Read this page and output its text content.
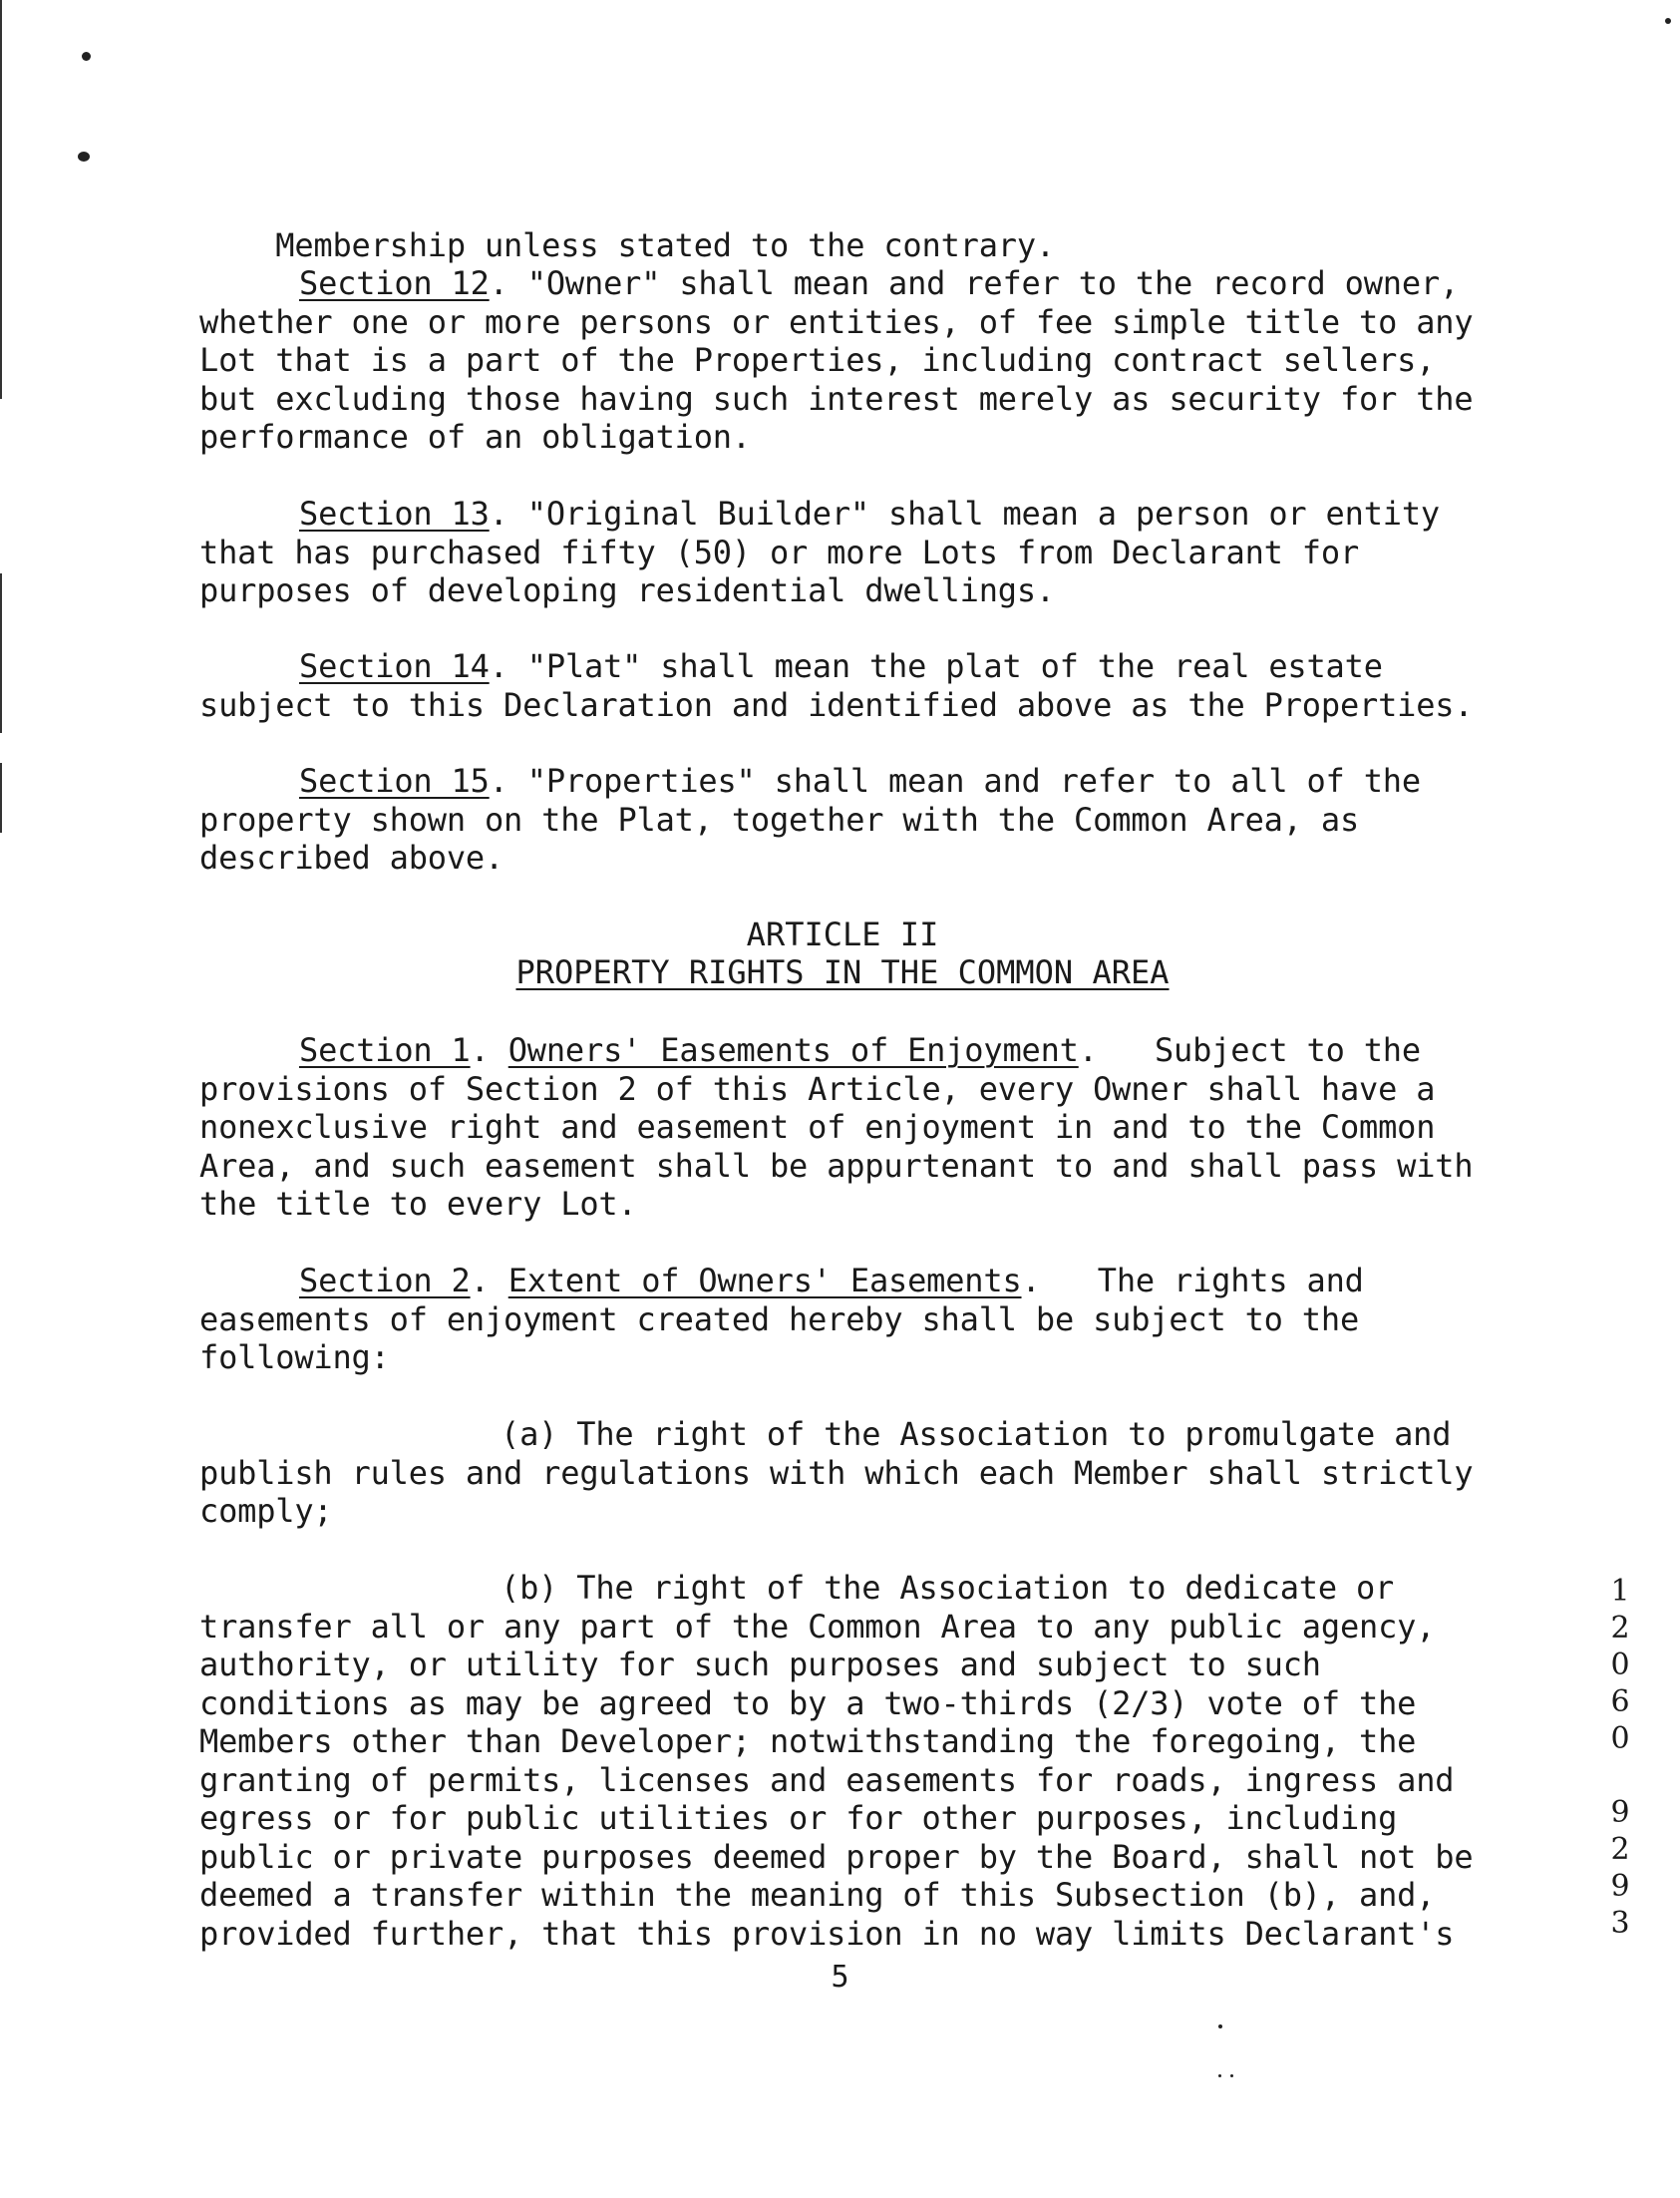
Membership unless stated to the contrary.

Section 12. "Owner" shall mean and refer to the record owner,
whether one or more persons or entities, of fee simple title to any
Lot that is a part of the Properties, including contract sellers,
but excluding those having such interest merely as security for the
performance of an obligation.
Section 13. "Original Builder" shall mean a person or entity
that has purchased fifty (50) or more Lots from Declarant for
purposes of developing residential dwellings.
Section 14. "Plat" shall mean the plat of the real estate
subject to this Declaration and identified above as the Properties.
Section 15. "Properties" shall mean and refer to all of the
property shown on the Plat, together with the Common Area, as
described above.
ARTICLE II
PROPERTY RIGHTS IN THE COMMON AREA
Section 1. Owners' Easements of Enjoyment.   Subject to the
provisions of Section 2 of this Article, every Owner shall have a
nonexclusive right and easement of enjoyment in and to the Common
Area, and such easement shall be appurtenant to and shall pass with
the title to every Lot.
Section 2. Extent of Owners' Easements.   The rights and
easements of enjoyment created hereby shall be subject to the
following:
(a) The right of the Association to promulgate and
publish rules and regulations with which each Member shall strictly
comply;
(b) The right of the Association to dedicate or
transfer all or any part of the Common Area to any public agency,
authority, or utility for such purposes and subject to such
conditions as may be agreed to by a two-thirds (2/3) vote of the
Members other than Developer; notwithstanding the foregoing, the
granting of permits, licenses and easements for roads, ingress and
egress or for public utilities or for other purposes, including
public or private purposes deemed proper by the Board, shall not be
deemed a transfer within the meaning of this Subsection (b), and,
provided further, that this provision in no way limits Declarant's
1
2
0
6
0
9
2
9
3
5
